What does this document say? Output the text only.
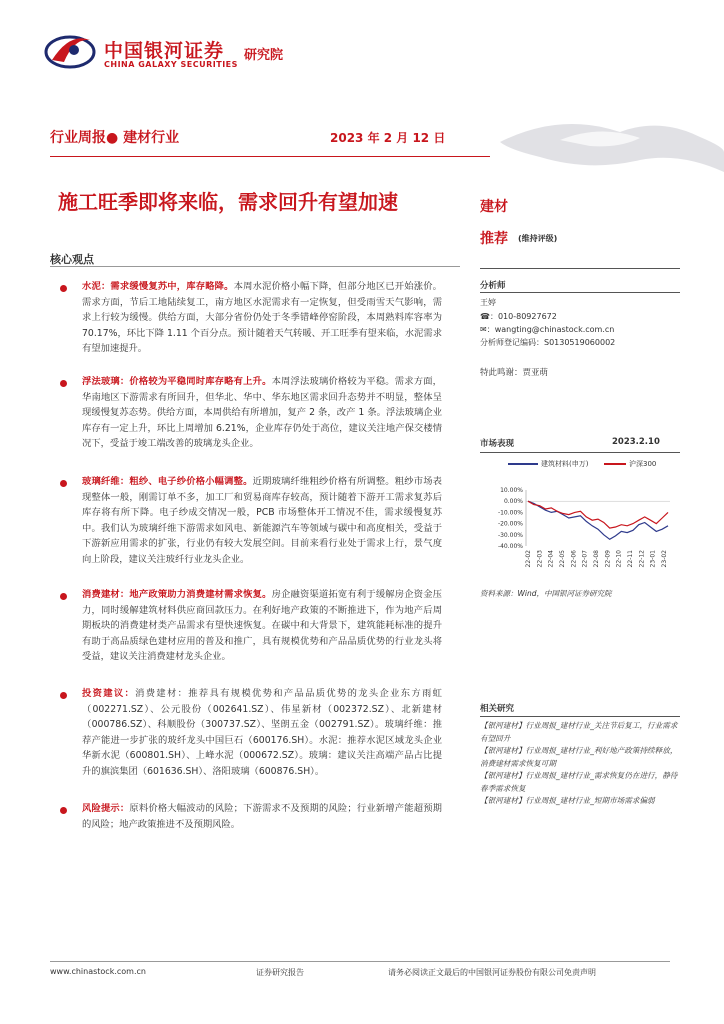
中国银河证券
CHINA GALAXY SECURITIES
研究院
行业周报● 建材行业	2023 年 2 月 12 日
施工旺季即将来临，需求回升有望加速
核心观点
水泥：需求缓慢复苏中，库存略降。本周水泥价格小幅下降，但部分地区已开始涨价。需求方面，节后工地陆续复工，南方地区水泥需求有一定恢复，但受雨雪天气影响，需求上行较为缓慢。供给方面，大部分省份仍处于冬季错峰停窑阶段，本周熟料库容率为 70.17%，环比下降 1.11 个百分点。预计随着天气转暖、开工旺季有望来临，水泥需求有望加速提升。
浮法玻璃：价格较为平稳同时库存略有上升。本周浮法玻璃价格较为平稳。需求方面，华南地区下游需求有所回升，但华北、华中、华东地区需求回升态势并不明显，整体呈现缓慢复苏态势。供给方面，本周供给有所增加，复产 2 条，改产 1 条。浮法玻璃企业库存有一定上升，环比上周增加 6.21%，企业库存仍处于高位，建议关注地产保交楼情况下，受益于竣工端改善的玻璃龙头企业。
玻璃纤维：粗纱、电子纱价格小幅调整。近期玻璃纤维粗纱价格有所调整。粗纱市场表现整体一般，刚需订单不多，加工厂和贸易商库存较高，预计随着下游开工需求复苏后库存将有所下降。电子纱成交情况一般，PCB 市场整体开工情况不佳，需求缓慢复苏中。我们认为玻璃纤维下游需求如风电、新能源汽车等领域与碳中和高度相关，受益于下游新应用需求的扩张，行业仍有较大发展空间。目前来看行业处于需求上行，景气度向上阶段，建议关注玻纤行业龙头企业。
消费建材：地产政策助力消费建材需求恢复。房企融资渠道拓宽有利于缓解房企资金压力，同时缓解建筑材料供应商回款压力。在利好地产政策的不断推进下，作为地产后周期板块的消费建材类产品需求有望快速恢复。在碳中和大背景下，建筑能耗标准的提升有助于高品质绿色建材应用的普及和推广，具有规模优势和产品品质优势的行业龙头将受益，建议关注消费建材龙头企业。
投资建议：消费建材：推荐具有规模优势和产品品质优势的龙头企业东方雨虹（002271.SZ）、公元股份（002641.SZ）、伟星新材（002372.SZ）、北新建材（000786.SZ）、科顺股份（300737.SZ）、坚朗五金（002791.SZ）。玻璃纤维：推荐产能进一步扩张的玻纤龙头中国巨石（600176.SH）。水泥：推荐水泥区域龙头企业华新水泥（600801.SH）、上峰水泥（000672.SZ）。玻璃：建议关注高端产品占比提升的旗滨集团（601636.SH）、洛阳玻璃（600876.SH）。
风险提示：原料价格大幅波动的风险；下游需求不及预期的风险；行业新增产能超预期的风险；地产政策推进不及预期风险。
建材
推荐 (维持评级)
分析师
王婷
☎：010-80927672
✉：wangting@chinastock.com.cn
分析师登记编码：S0130519060002
特此鸣谢：贾亚萌
市场表现	2023.2.10
建筑材料(申万)	沪深300
10.00%
0.00%
-10.00%
-20.00%
-30.00%
-40.00%
22-02 22-03 22-04 22-05 22-06 22-07 22-08 22-09 22-10 22-11 22-12 23-01 23-02
资料来源：Wind，中国银河证券研究院
相关研究
【银河建材】行业周报_建材行业_关注节后复工，行业需求有望回升
【银河建材】行业周报_建材行业_利好地产政策持续释放，消费建材需求恢复可期
【银河建材】行业周报_建材行业_需求恢复仍在进行，静待春季需求恢复
【银河建材】行业周报_建材行业_短期市场需求偏弱
www.chinastock.com.cn	证券研究报告	请务必阅读正文最后的中国银河证券股份有限公司免责声明
